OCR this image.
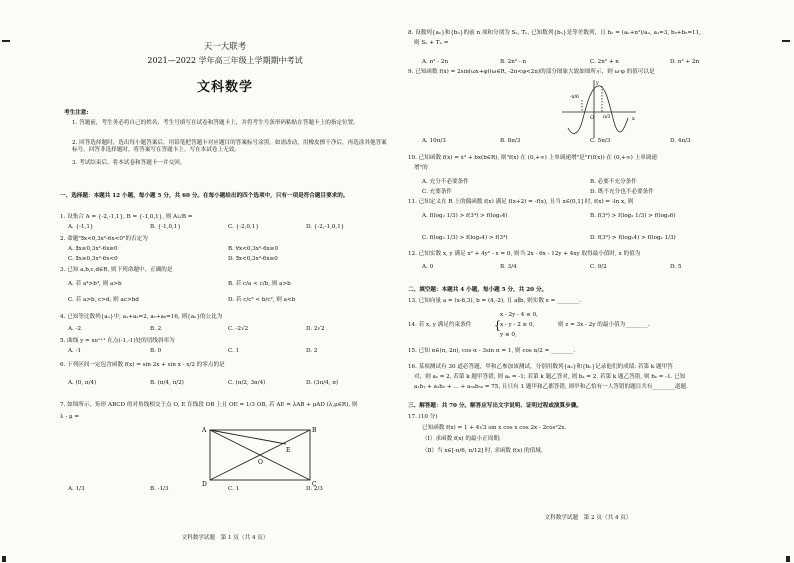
天一大联考
2021—2022 学年高三年级上学期期中考试
文科数学
考生注意:
1. 答题前，考生务必将自己的姓名、考生号填写在试卷和答题卡上，并将考生号条形码粘贴在答题卡上的指定位置。
2. 回答选择题时，选出每小题答案后，用铅笔把答题卡对应题目的答案标号涂黑。如需改动，用橡皮擦干净后，再选涂其他答案标号。回答非选择题时，将答案写在答题卡上。写在本试卷上无效。
3. 考试结束后，将本试卷和答题卡一并交回。
一、选择题：本题共 12 小题，每小题 5 分，共 60 分。在每小题给出的四个选项中，只有一项是符合题目要求的。
1. 设集合 A = {-2,-1,1}, B = {-1,0,1}, 则 A∪B =
A. {-1,1}	B. {-1,0,1}	C. {-2,0,1}	D. {-2,-1,0,1}
2. 命题"∃x<0,3x²-6x<0"的否定为
A. ∃x≥0,3x²-6x≥0	B. ∀x<0,3x²-6x≥0
C. ∃x≥0,3x²-6x<0	D. ∃x<0,3x²-6x≥0
3. 已知 a,b,c,d∈R, 则下列命题中，正确的是
A. 若 a⁴>b⁴, 则 a>b	B. 若 c/a < c/b, 则 a>b
C. 若 a>b, c>d, 则 ac>bd	D. 若 c/c² < b/c², 则 a<b
4. 已知等比数列{aₙ}中, a₁+a₂=2, a₅+a₆=16, 则{aₙ}的公比为
A. -2	B. 2	C. -2√2	D. 2√2
5. 曲线 y = xeˣ⁺¹ 在点(-1,-1)处的切线斜率为
A. -1	B. 0	C. 1	D. 2
6. 下列区间一定包含函数 f(x) = sin 2x + sin x - x/2 的零点的是
A. (0, π/4)	B. (π/4, π/2)	C. (π/2, 3π/4)	D. (3π/4, π)
7. 如图所示，矩形 ABCD 的对角线相交于点 O, E 在线段 OB 上且 OE = 1/3 OB, 若 AE = λAB + μAD (λ,μ∈R), 则
λ - μ =
A	B
C
D
O
E
A. 1/3	B. -1/3	C. 1	D. 2/3
文科数学试题　第 1 页（共 4 页）
8. 设数列{aₙ}和{bₙ}的前 n 项和分别为 Sₙ, Tₙ, 已知数列{bₙ}是等差数列，且 bₙ = (aₙ+n²)/aₙ, a₁=3, b₃+b₆=11,
则 Sₙ + Tₙ =
A. n² - 2n	B. 2n² - n	C. 2n² + n	D. n² + 2n
9. 已知函数 f(x) = 2sin(ωx+φ)(ω∈R, -2π<φ<2π)的部分图象大致如图所示，则 ω·φ 的值可以是
y
x
O
-π/6
π/3
A. 10π/3	B. 8π/3	C. 5π/3	D. 4π/3
10. 已知函数 f(x) = x³ + bx(b∈R), 则"f(x) 在 (0,+∞) 上单调递增"是"f′(f(x)) 在 (0,+∞) 上单调递
增"的
A. 充分不必要条件	B. 必要不充分条件
C. 充要条件	D. 既不充分也不必要条件
11. 已知定义在 R 上的偶函数 f(x) 满足 f(x+2) = -f(x), 且当 x∈(0,1] 时, f(x) = -ln x, 则
A. f(log₂ 1/3) > f(3⁴) > f(log₂4)	B. f(3⁴) > f(log₂ 1/3) > f(log₂6)
C. f(log₂ 1/3) > f(log₂4) > f(3⁴)	D. f(3⁴) > f(log₂4) > f(log₂ 1/3)
12. 已知实数 x, y 满足 x² + 4y² - x = 0, 则当 2x - 6x - 12y + 4xy 取得最小值时, x 的值为
A. 0	B. 3/4	C. 9/2	D. 5
二、填空题：本题共 4 小题，每小题 5 分，共 20 分。
13. 已知向量 a = (x-6,3), b = (4,-2), 且 a∥b, 则实数 x = ________.
14. 若 x, y 满足约束条件 {
x - 2y - 4 ≤ 0,
x - y - 2 ≥ 0,
y ≤ 0,
则 z = 3x - 2y 的最小值为________.
15. 已知 α∈(π, 2π), cos α - 3sin α = 1, 则 cos α/2 = ________.
16. 某项测试有 30 道必答题，甲和乙参加该测试，分别用数列{aₙ}和{bₙ}记录他们的成绩. 若第 k 题甲答
对，则 aₖ = 2, 若第 k 题甲答错, 则 aₖ = -1; 若第 k 题乙答对, 则 bₖ = 2, 若第 k 题乙答错, 则 bₖ = -1. 已知
a₁b₁ + a₂b₂ + … + a₃₀b₃₀ = 75, 且只有 1 题甲和乙都答错, 则甲和乙恰有一人答错的题目共有________道题.
三、解答题：共 70 分。解答应写出文字说明、证明过程或演算步骤。
17. (10 分)
已知函数 f(x) = 1 + 4√3 sin x cos x cos 2x - 2cos²2x.
（Ⅰ）求函数 f(x) 的最小正周期;
（Ⅱ）当 x∈[-π/6, π/12] 时, 求函数 f(x) 的值域.
文科数学试题　第 2 页（共 4 页）
